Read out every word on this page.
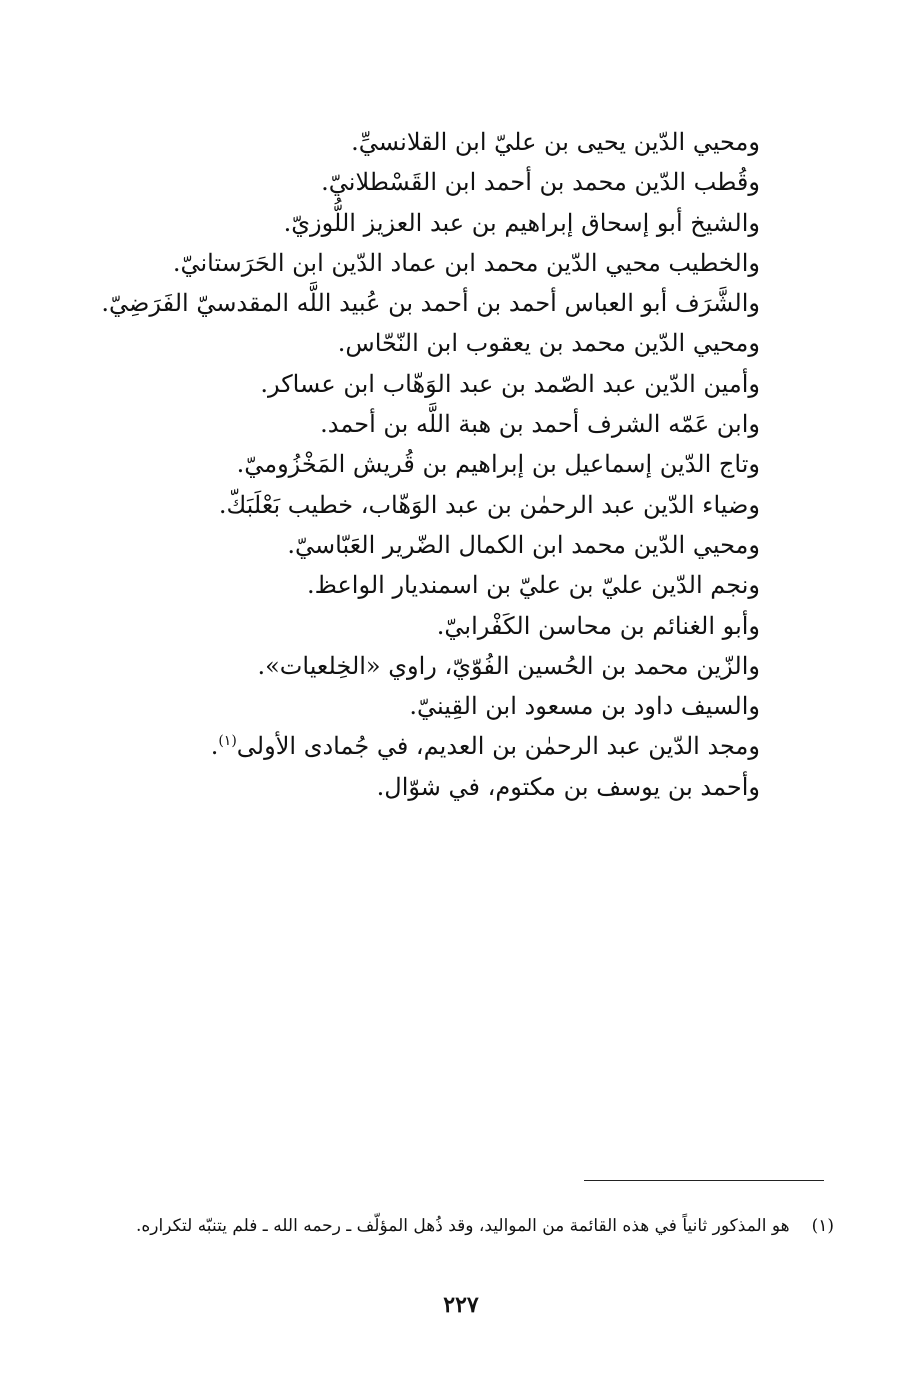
ومحيي الدّين يحيى بن عليّ ابن القلانسيِّ.
وقُطب الدّين محمد بن أحمد ابن القَسْطلانيّ.
والشيخ أبو إسحاق إبراهيم بن عبد العزيز اللُّوزيّ.
والخطيب محيي الدّين محمد ابن عماد الدّين ابن الحَرَستانيّ.
والشَّرَف أبو العباس أحمد بن أحمد بن عُبيد اللَّه المقدسيّ الفَرَضِيّ.
ومحيي الدّين محمد بن يعقوب ابن النّحّاس.
وأمين الدّين عبد الصّمد بن عبد الوَهّاب ابن عساكر.
وابن عَمّه الشرف أحمد بن هبة اللَّه بن أحمد.
وتاج الدّين إسماعيل بن إبراهيم بن قُريش المَخْزُوميّ.
وضياء الدّين عبد الرحمٰن بن عبد الوَهّاب، خطيب بَعْلَبَكّ.
ومحيي الدّين محمد ابن الكمال الضّرير العَبّاسيّ.
ونجم الدّين عليّ بن عليّ بن اسمنديار الواعظ.
وأبو الغنائم بن محاسن الكَفْرابيّ.
والزّين محمد بن الحُسين الفُوّيّ، راوي «الخِلعيات».
والسيف داود بن مسعود ابن القِينيّ.
ومجد الدّين عبد الرحمٰن بن العديم، في جُمادى الأولى$^{(١)}$.
وأحمد بن يوسف بن مكتوم، في شوّال.
(١)هو المذكور ثانياً في هذه القائمة من المواليد، وقد ذُهل المؤلّف ـ رحمه الله ـ فلم يتنبّه لتكراره.
٢٢٧
